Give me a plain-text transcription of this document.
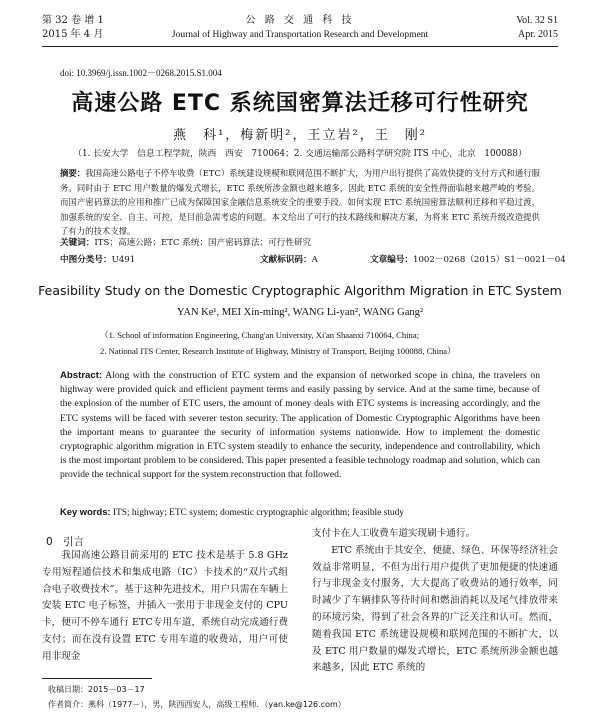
第 32 卷 增 1
2015 年 4 月
公 路 交 通 科 技
Journal of Highway and Transportation Research and Development
Vol. 32 S1
Apr. 2015
doi: 10.3969/j.issn.1002－0268.2015.S1.004
高速公路 ETC 系统国密算法迁移可行性研究
燕　科¹，梅新明²，王立岩²，王　刚²
（1. 长安大学　信息工程学院，陕西　西安　710064；2. 交通运输部公路科学研究院 ITS 中心，北京　100088）
摘要：我国高速公路电子不停车收费（ETC）系统建设规模和联网范围不断扩大，为用户出行提供了高效快捷的支付方式和通行服务。同时由于 ETC 用户数量的爆发式增长，ETC 系统所涉金额也越来越多，因此 ETC 系统的安全性得面临越来越严峻的考验。而国产密码算法的应用和推广已成为保障国家金融信息系统安全的重要手段。如何实现 ETC 系统国密算法顺利迁移和平稳过渡，加强系统的安全、自主、可控，是目前急需考虑的问题。本文给出了可行的技术路线和解决方案，为将来 ETC 系统升级改造提供了有力的技术支撑。
关键词：ITS；高速公路；ETC 系统；国产密码算法；可行性研究
中图分类号：U491	文献标识码：A	文章编号：1002－0268（2015）S1－0021－04
Feasibility Study on the Domestic Cryptographic Algorithm Migration in ETC System
YAN Ke¹, MEI Xin-ming², WANG Li-yan², WANG Gang²
（1. School of information Engineering, Chang'an University, Xi'an Shaanxi 710064, China;
2. National ITS Center, Research Institute of Highway, Ministry of Transport, Beijing 100088, China）
Abstract: Along with the construction of ETC system and the expansion of networked scope in china, the travelers on highway were provided quick and efficient payment terms and easily passing by service. And at the same time, because of the explosion of the number of ETC users, the amount of money deals with ETC systems is increasing accordingly, and the ETC systems will be faced with severer teston security. The application of Domestic Cryptographic Algorithms have been the important means to guarantee the security of information systems nationwide. How to implement the domestic cryptographic algorithm migration in ETC system steadily to enhance the security, independence and controllability, which is the most important problem to be considered. This paper presented a feasible technology roadmap and solution, which can provide the technical support for the system reconstruction that followed.
Key words: ITS; highway; ETC system; domestic cryptographic algorithm; feasible study
0　引言

我国高速公路目前采用的 ETC 技术是基于 5.8 GHz专用短程通信技术和集成电路（IC）卡技术的“双片式组合电子收费技术”。基于这种先进技术，用户只需在车辆上安装 ETC 电子标签，并插入一张用于非现金支付的 CPU 卡，便可不停车通行 ETC专用车道，系统自动完成通行费支付；而在没有设置 ETC 专用车道的收费站，用户可使用非现金

支付卡在人工收费车道实现刷卡通行。

ETC 系统由于其安全、便捷、绿色、环保等经济社会效益非常明显，不但为出行用户提供了更加便捷的快速通行与非现金支付服务，大大提高了收费站的通行效率，同时减少了车辆排队等待时间和燃油消耗以及尾气排放带来的环境污染，得到了社会各界的广泛关注和认可。然而，随着我国 ETC 系统建设规模和联网范围的不断扩大，以及 ETC 用户数量的爆发式增长，ETC 系统所涉金额也越来越多，因此 ETC 系统的

收稿日期：2015－03－17
作者简介：燕科（1977－），男，陕西西安人，高级工程师．（yan.ke@126.com）
